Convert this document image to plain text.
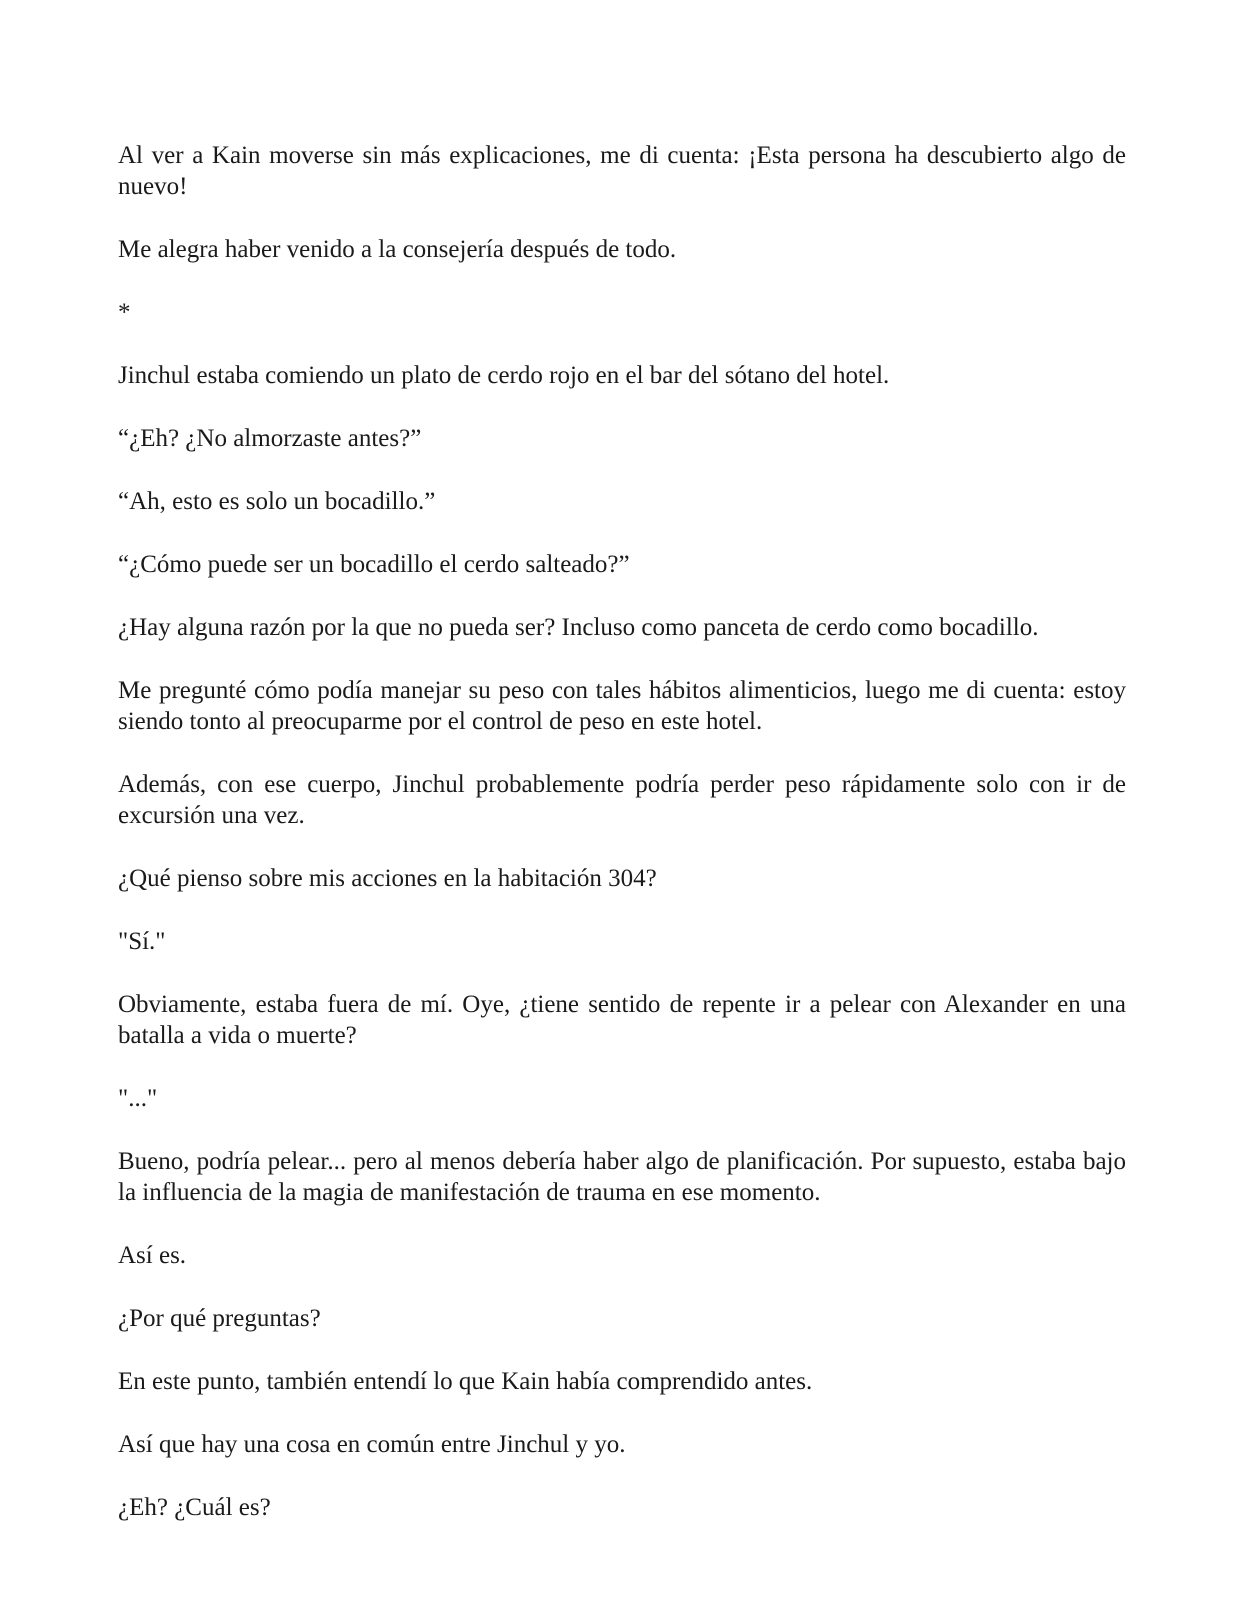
Al ver a Kain moverse sin más explicaciones, me di cuenta: ¡Esta persona ha descubierto algo de nuevo!

Me alegra haber venido a la consejería después de todo.

*

Jinchul estaba comiendo un plato de cerdo rojo en el bar del sótano del hotel.

“¿Eh? ¿No almorzaste antes?”

“Ah, esto es solo un bocadillo.”

“¿Cómo puede ser un bocadillo el cerdo salteado?”

¿Hay alguna razón por la que no pueda ser? Incluso como panceta de cerdo como bocadillo.

Me pregunté cómo podía manejar su peso con tales hábitos alimenticios, luego me di cuenta: estoy siendo tonto al preocuparme por el control de peso en este hotel.

Además, con ese cuerpo, Jinchul probablemente podría perder peso rápidamente solo con ir de excursión una vez.

¿Qué pienso sobre mis acciones en la habitación 304?

"Sí."

Obviamente, estaba fuera de mí. Oye, ¿tiene sentido de repente ir a pelear con Alexander en una batalla a vida o muerte?

"..."

Bueno, podría pelear... pero al menos debería haber algo de planificación. Por supuesto, estaba bajo la influencia de la magia de manifestación de trauma en ese momento.

Así es.

¿Por qué preguntas?

En este punto, también entendí lo que Kain había comprendido antes.

Así que hay una cosa en común entre Jinchul y yo.

¿Eh? ¿Cuál es?
